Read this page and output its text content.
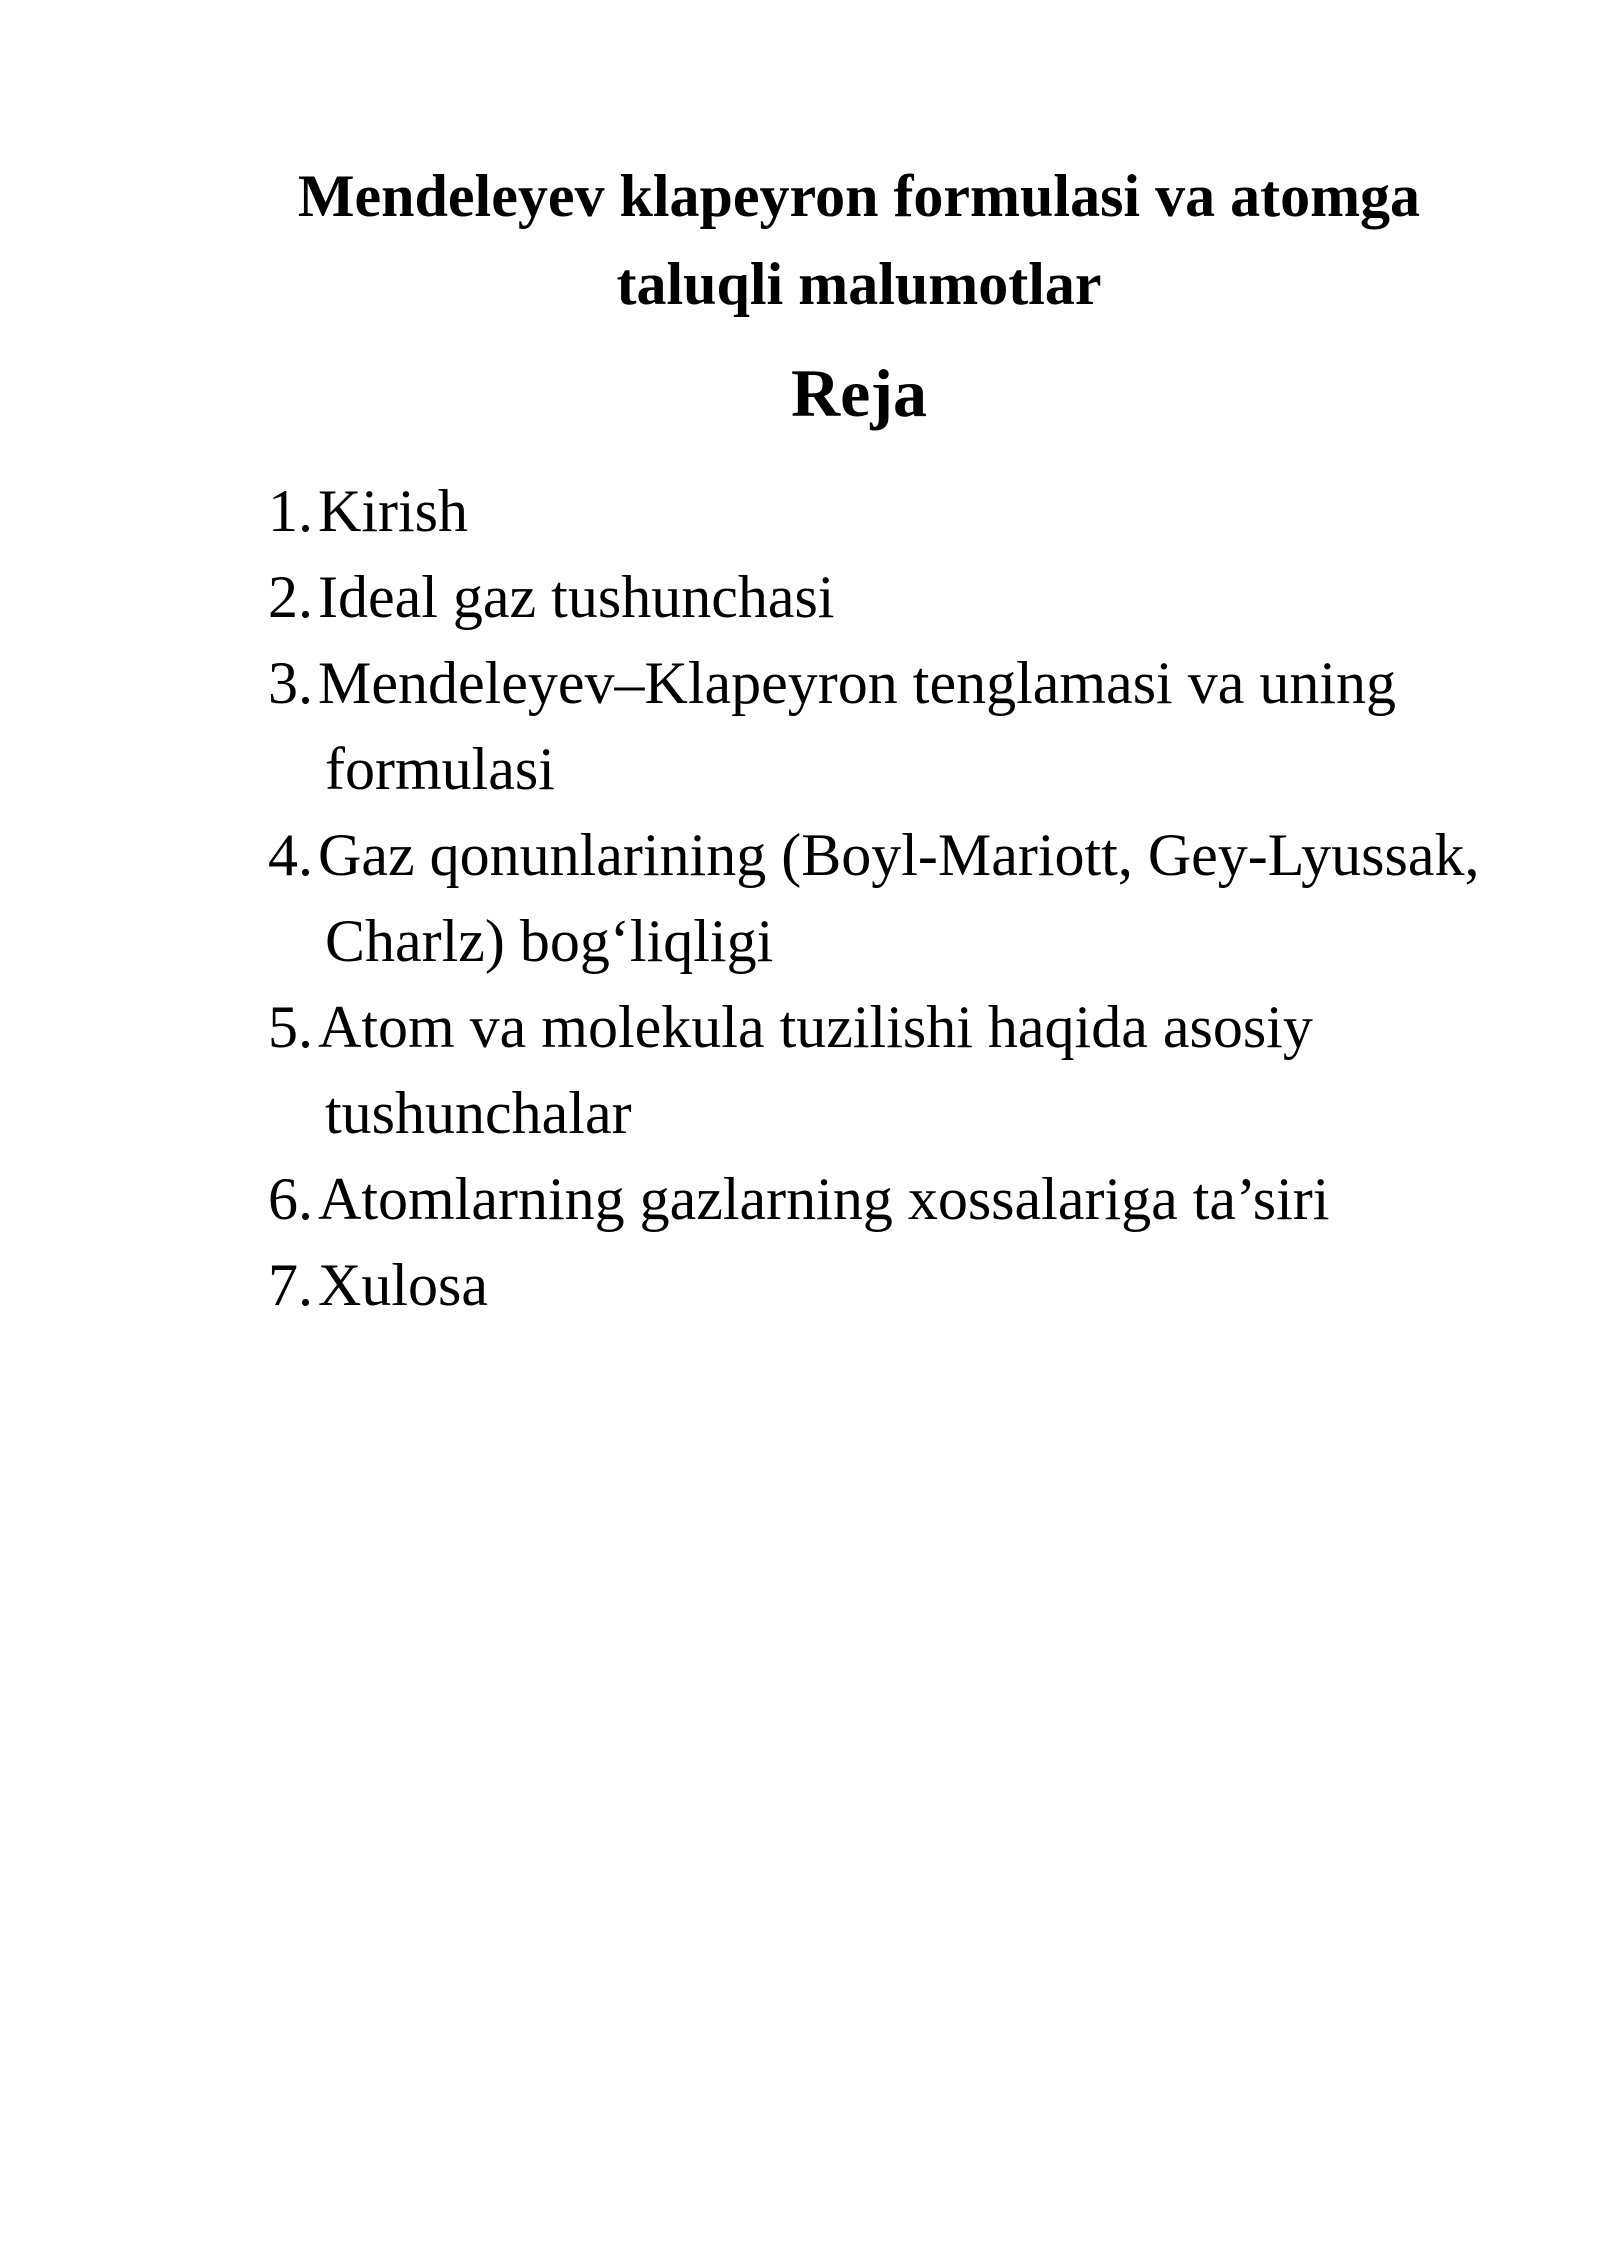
Mendeleyev klapeyron formulasi va atomga taluqli malumotlar
Reja
1. Kirish
2. Ideal gaz tushunchasi
3. Mendeleyev–Klapeyron tenglamasi va uning formulasi
4. Gaz qonunlarining (Boyl-Mariott, Gey-Lyussak, Charlz) bog‘liqligi
5. Atom va molekula tuzilishi haqida asosiy tushunchalar
6. Atomlarning gazlarning xossalariga ta’siri
7. Xulosa
